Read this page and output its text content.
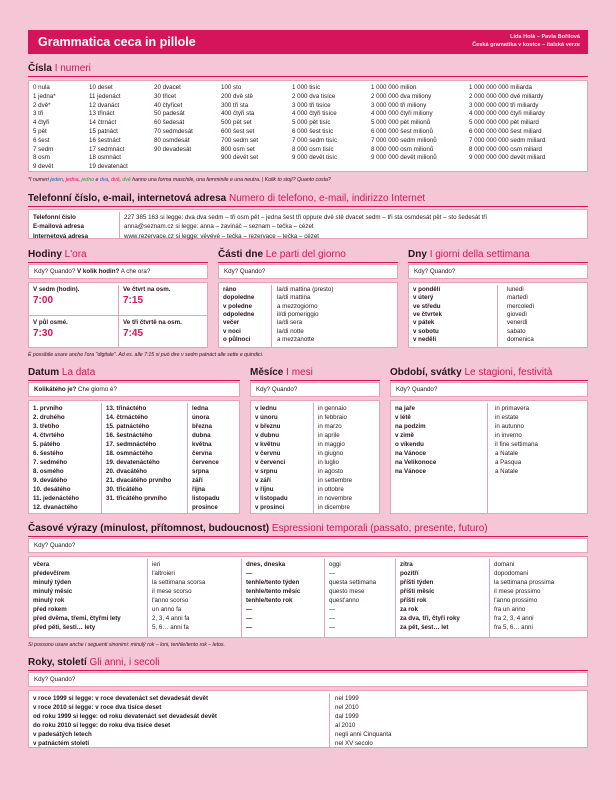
Grammatica ceca in pillole	Lída Holá – Pavla Bořilová
Česká gramatika v kostce – italská verze
Čísla I numeri
0 nula
1 jedna*
2 dvě*
3 tři
4 čtyři
5 pět
6 šest
7 sedm
8 osm
9 devět
10 deset
11 jedenáct
12 dvanáct
13 třináct
14 čtrnáct
15 patnáct
16 šestnáct
17 sedmnáct
18 osmnáct
19 devatenáct
20 dvacet
30 třicet
40 čtyřicet
50 padesát
60 šedesát
70 sedmdesát
80 osmdesát
90 devadesát
100 sto
200 dvě stě
300 tři sta
400 čtyři sta
500 pět set
600 šest set
700 sedm set
800 osm set
900 devět set
1 000 tisíc
2 000 dva tisíce
3 000 tři tisíce
4 000 čtyři tisíce
5 000 pět tisíc
6 000 šest tisíc
7 000 sedm tisíc
8 000 osm tisíc
9 000 devět tisíc
1 000 000 milion
2 000 000 dva miliony
3 000 000 tři miliony
4 000 000 čtyři miliony
5 000 000 pět milionů
6 000 000 šest milionů
7 000 000 sedm milionů
8 000 000 osm milionů
9 000 000 devět milionů
1 000 000 000 miliarda
2 000 000 000 dvě miliardy
3 000 000 000 tři miliardy
4 000 000 000 čtyři miliardy
5 000 000 000 pět miliard
6 000 000 000 šest miliard
7 000 000 000 sedm miliard
8 000 000 000 osm miliard
9 000 000 000 devět miliard
*I numeri jeden, jedna, jedno e dva, dvě, dvě hanno una forma maschile, una femminile e una neutra. | Kolik to stojí? Quanto costa?
Telefonní číslo, e-mail, internetová adresa Numero di telefono, e-mail, indirizzo Internet
Telefonní číslo
E-mailová adresa
Internetová adresa
227 385 163 si legge: dva dva sedm – tři osm pět – jedna šest tři oppure dvě stě dvacet sedm – tři sta osmdesát pět – sto šedesát tři
anna@seznam.cz si legge: anna – zavináč – seznam – tečka – cézet
www.rezervace.cz si legge: vévévé – tečka – rezervace – tečka – cézet
Hodiny L'ora
Kdy? Quando? V kolik hodin? A che ora?
V sedm (hodin).
7:00
Ve čtvrt na osm.
7:15
V půl osmé.
7:30
Ve tři čtvrtě na osm.
7:45
Části dne Le parti del giorno
Kdy? Quando?
ráno
dopoledne
v poledne
odpoledne
večer
v noci
o půlnoci
la/di mattina (presto)
la/di mattina
a mezzogiorno
il/di pomeriggio
la/di sera
la/di notte
a mezzanotte
Dny I giorni della settimana
Kdy? Quando?
v pondělí
v úterý
ve středu
ve čtvrtek
v pátek
v sobotu
v neděli
lunedì
martedì
mercoledì
giovedì
venerdì
sabato
domenica
È possibile usare anche l'ora "digitale". Ad es. alle 7:15 si può dire v sedm patnáct alle sette e quindici.
Datum La data
Kolikátého je? Che giorno è?
1. prvního
2. druhého
3. třetího
4. čtvrtého
5. pátého
6. šestého
7. sedmého
8. osmého
9. devátého
10. desátého
11. jedenáctého
12. dvanáctého
13. třináctého
14. čtrnáctého
15. patnáctého
16. šestnáctého
17. sedmnáctého
18. osmnáctého
19. devatenáctého
20. dvacátého
21. dvacátého prvního
30. třicátého
31. třicátého prvního
ledna
února
března
dubna
května
června
července
srpna
září
října
listopadu
prosince
Měsíce I mesi
Kdy? Quando?
v lednu
v únoru
v březnu
v dubnu
v květnu
v červnu
v červenci
v srpnu
v září
v říjnu
v listopadu
v prosinci
in gennaio
in febbraio
in marzo
in aprile
in maggio
in giugno
in luglio
in agosto
in settembre
in ottobre
in novembre
in dicembre
Období, svátky Le stagioni, festività
Kdy? Quando?
na jaře
v létě
na podzim
v zimě
o víkendu
na Vánoce
na Velikonoce
na Vánoce
in primavera
in estate
in autunno
in inverno
il fine settimana
a Natale
a Pasqua
a Natale
Časové výrazy (minulost, přítomnost, budoucnost) Espressioni temporali (passato, presente, futuro)
Kdy? Quando?
včera
předevčírem
minulý týden
minulý měsíc
minulý rok
před rokem
před dvěma, třemi, čtyřmi lety
před pěti, šesti… lety
ieri
l'altroieri
la settimana scorsa
il mese scorso
l'anno scorso
un anno fa
2, 3, 4 anni fa
5, 6… anni fa
dnes, dneska
—
tenhle/tento týden
tenhle/tento měsíc
tenhle/tento rok
—
—
—
oggi
—
questa settimana
questo mese
quest'anno
—
—
—
zítra
pozítří
příští týden
příští měsíc
příští rok
za rok
za dva, tři, čtyři roky
za pět, šest… let
domani
dopodomani
la settimana prossima
il mese prossimo
l'anno prossimo
fra un anno
fra 2, 3, 4 anni
fra 5, 6… anni
Si possono usare anche i seguenti sinonimi: minulý rok – loni, tenhle/tento rok – letos.
Roky, století Gli anni, i secoli
Kdy? Quando?
v roce 1999 si legge: v roce devatenáct set devadesát devět
v roce 2010 si legge: v roce dva tisíce deset
od roku 1999 si legge: od roku devatenáct set devadesát devět
do roku 2010 si legge: do roku dva tisíce deset
v padesátých letech
v patnáctém století
nel 1999
nel 2010
dal 1999
al 2010
negli anni Cinquanta
nel XV secolo
